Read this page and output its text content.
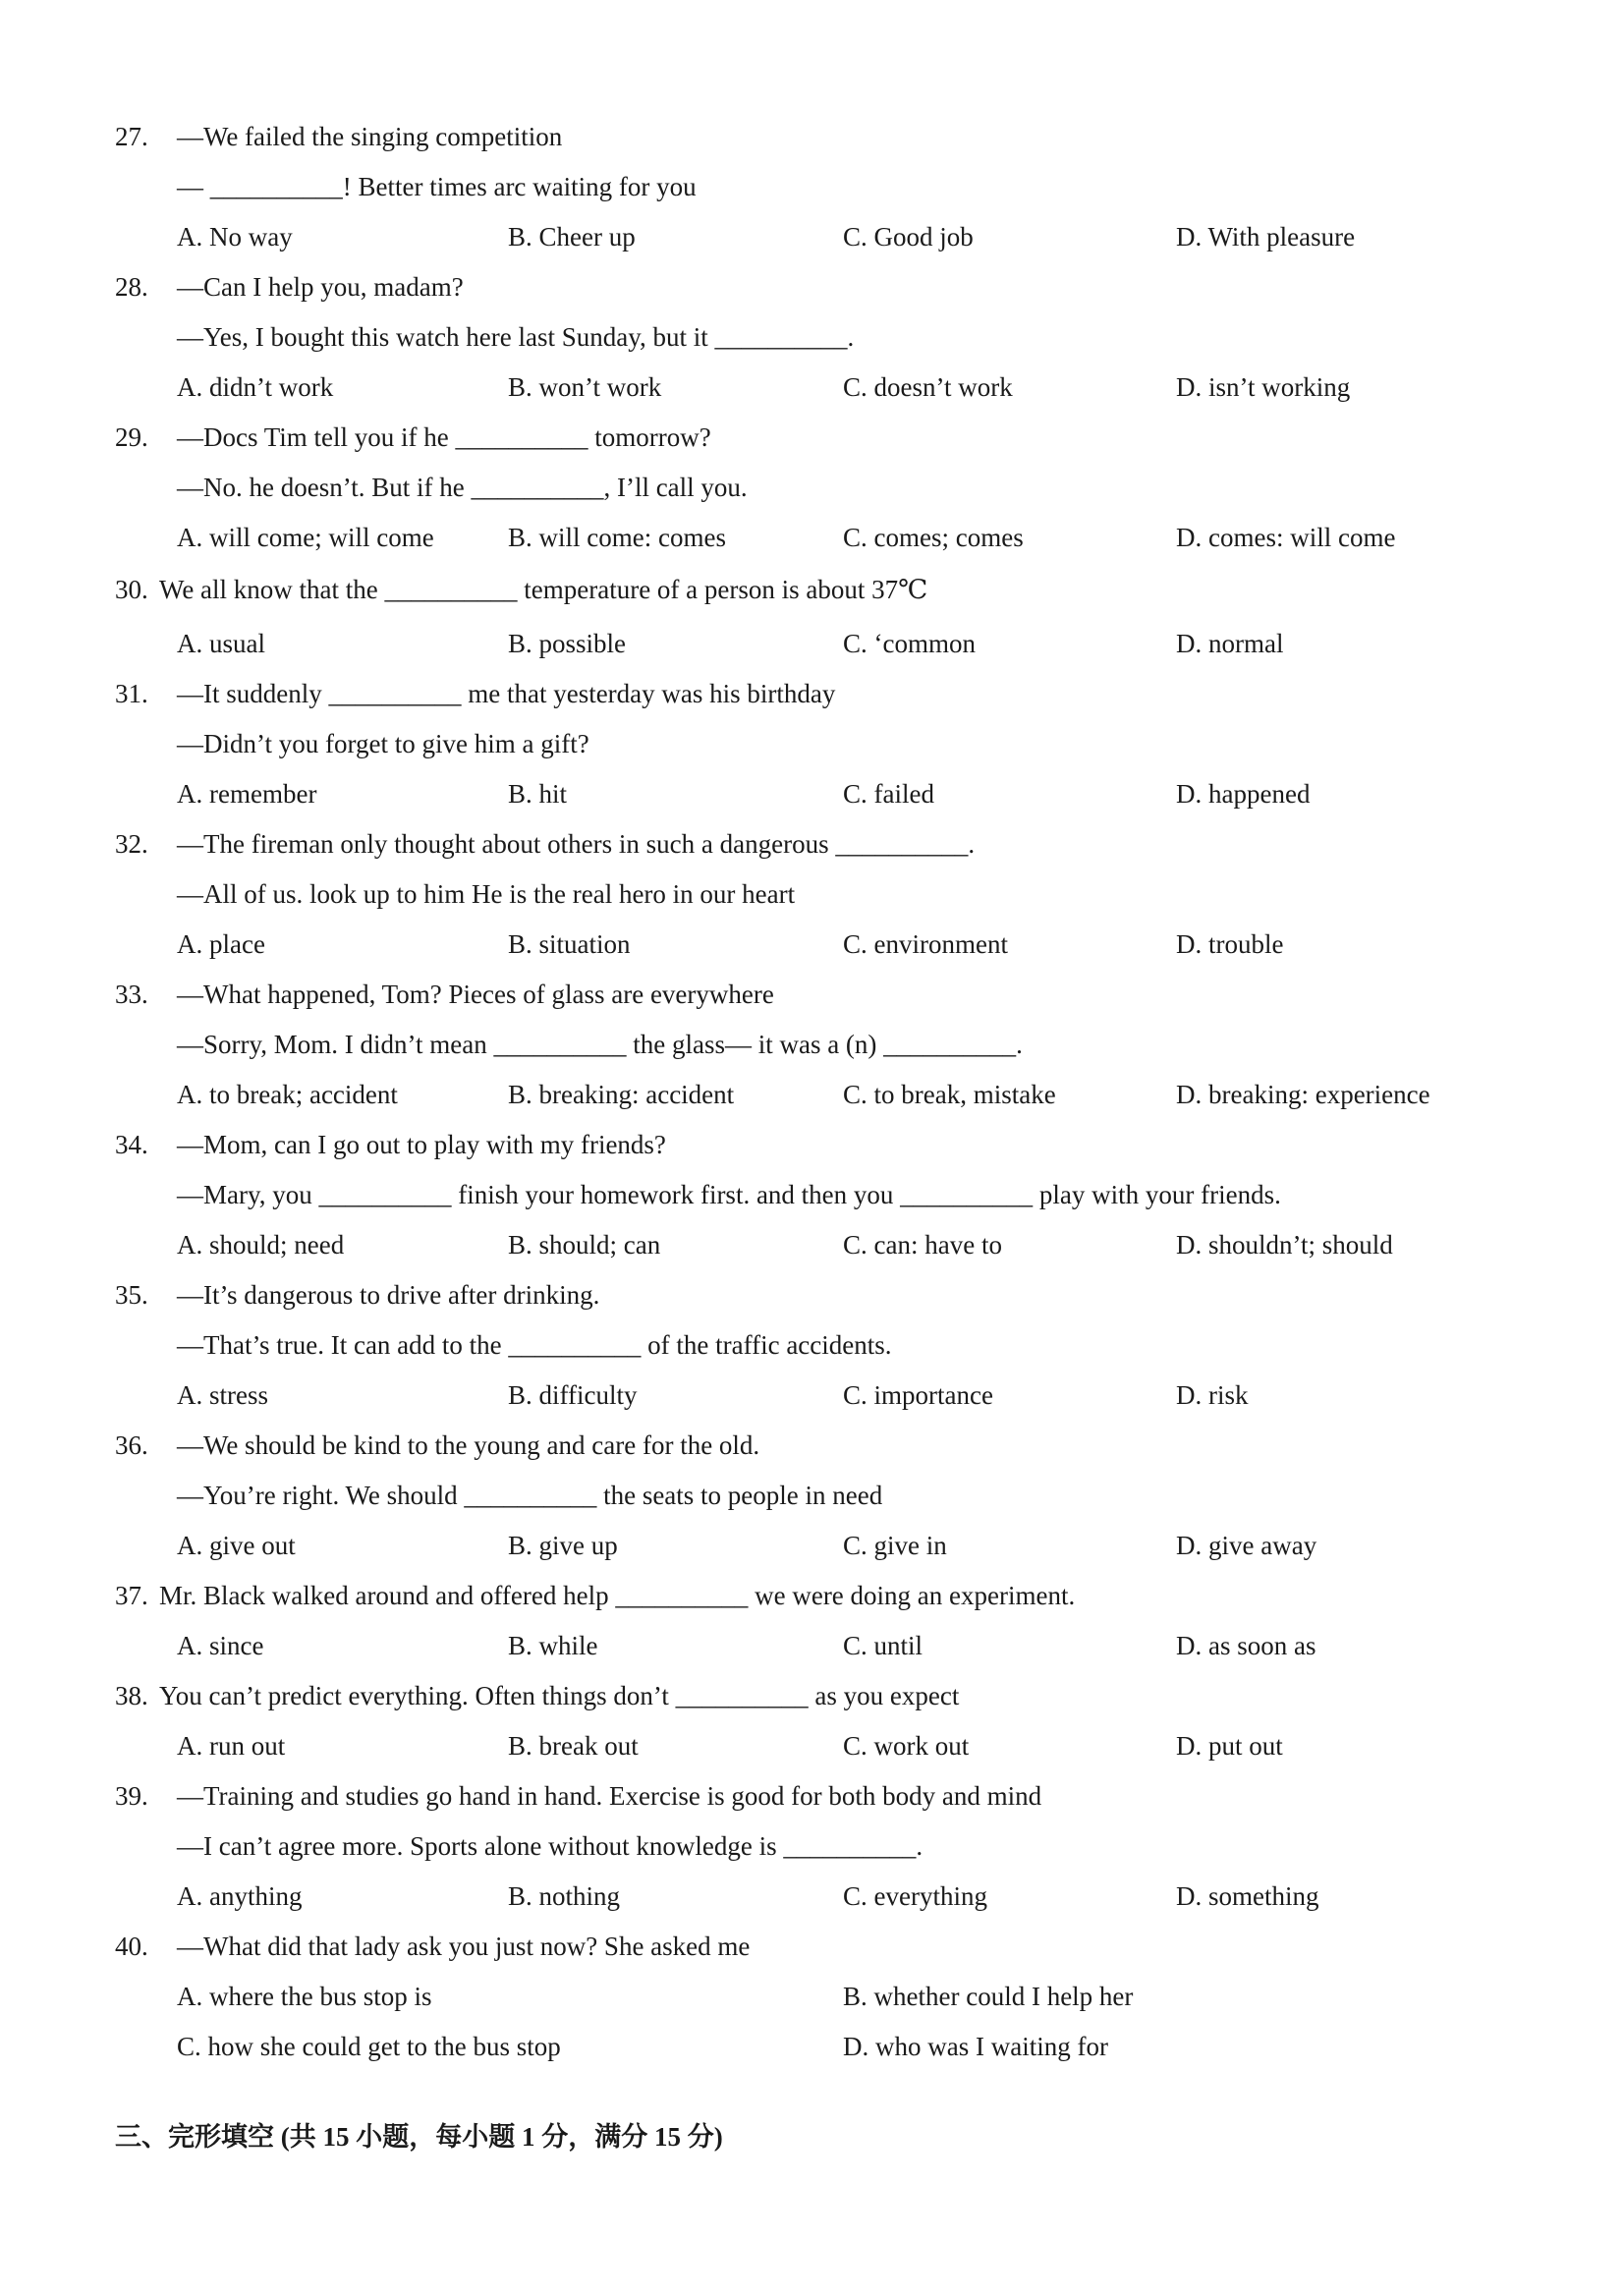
27. —We failed the singing competition
— __________! Better times arc waiting for you
A. No way	B. Cheer up	C. Good job	D. With pleasure
28. —Can I help you, madam?
—Yes, I bought this watch here last Sunday, but it __________.
A. didn’t work	B. won’t work	C. doesn’t work	D. isn’t working
29. —Docs Tim tell you if he __________ tomorrow?
—No. he doesn’t. But if he __________, I’ll call you.
A. will come; will come	B. will come: comes	C. comes; comes	D. comes: will come
30. We all know that the __________ temperature of a person is about 37℃
A. usual	B. possible	C. ‘common	D. normal
31. —It suddenly __________ me that yesterday was his birthday
—Didn’t you forget to give him a gift?
A. remember	B. hit	C. failed	D. happened
32. —The fireman only thought about others in such a dangerous __________.
—All of us. look up to him He is the real hero in our heart
A. place	B. situation	C. environment	D. trouble
33. —What happened, Tom? Pieces of glass are everywhere
—Sorry, Mom. I didn’t mean __________ the glass— it was a (n) __________.
A. to break; accident	B. breaking: accident	C. to break, mistake	D. breaking: experience
34. —Mom, can I go out to play with my friends?
—Mary, you __________ finish your homework first. and then you __________ play with your friends.
A. should; need	B. should; can	C. can: have to	D. shouldn’t; should
35. —It’s dangerous to drive after drinking.
—That’s true. It can add to the __________ of the traffic accidents.
A. stress	B. difficulty	C. importance	D. risk
36. —We should be kind to the young and care for the old.
—You’re right. We should __________ the seats to people in need
A. give out	B. give up	C. give in	D. give away
37. Mr. Black walked around and offered help __________ we were doing an experiment.
A. since	B. while	C. until	D. as soon as
38. You can’t predict everything. Often things don’t __________ as you expect
A. run out	B. break out	C. work out	D. put out
39. —Training and studies go hand in hand. Exercise is good for both body and mind
—I can’t agree more. Sports alone without knowledge is __________.
A. anything	B. nothing	C. everything	D. something
40. —What did that lady ask you just now? She asked me
A. where the bus stop is	B. whether could I help her
C. how she could get to the bus stop	D. who was I waiting for
三、完形填空 (共 15 小题，每小题 1 分，满分 15 分)
